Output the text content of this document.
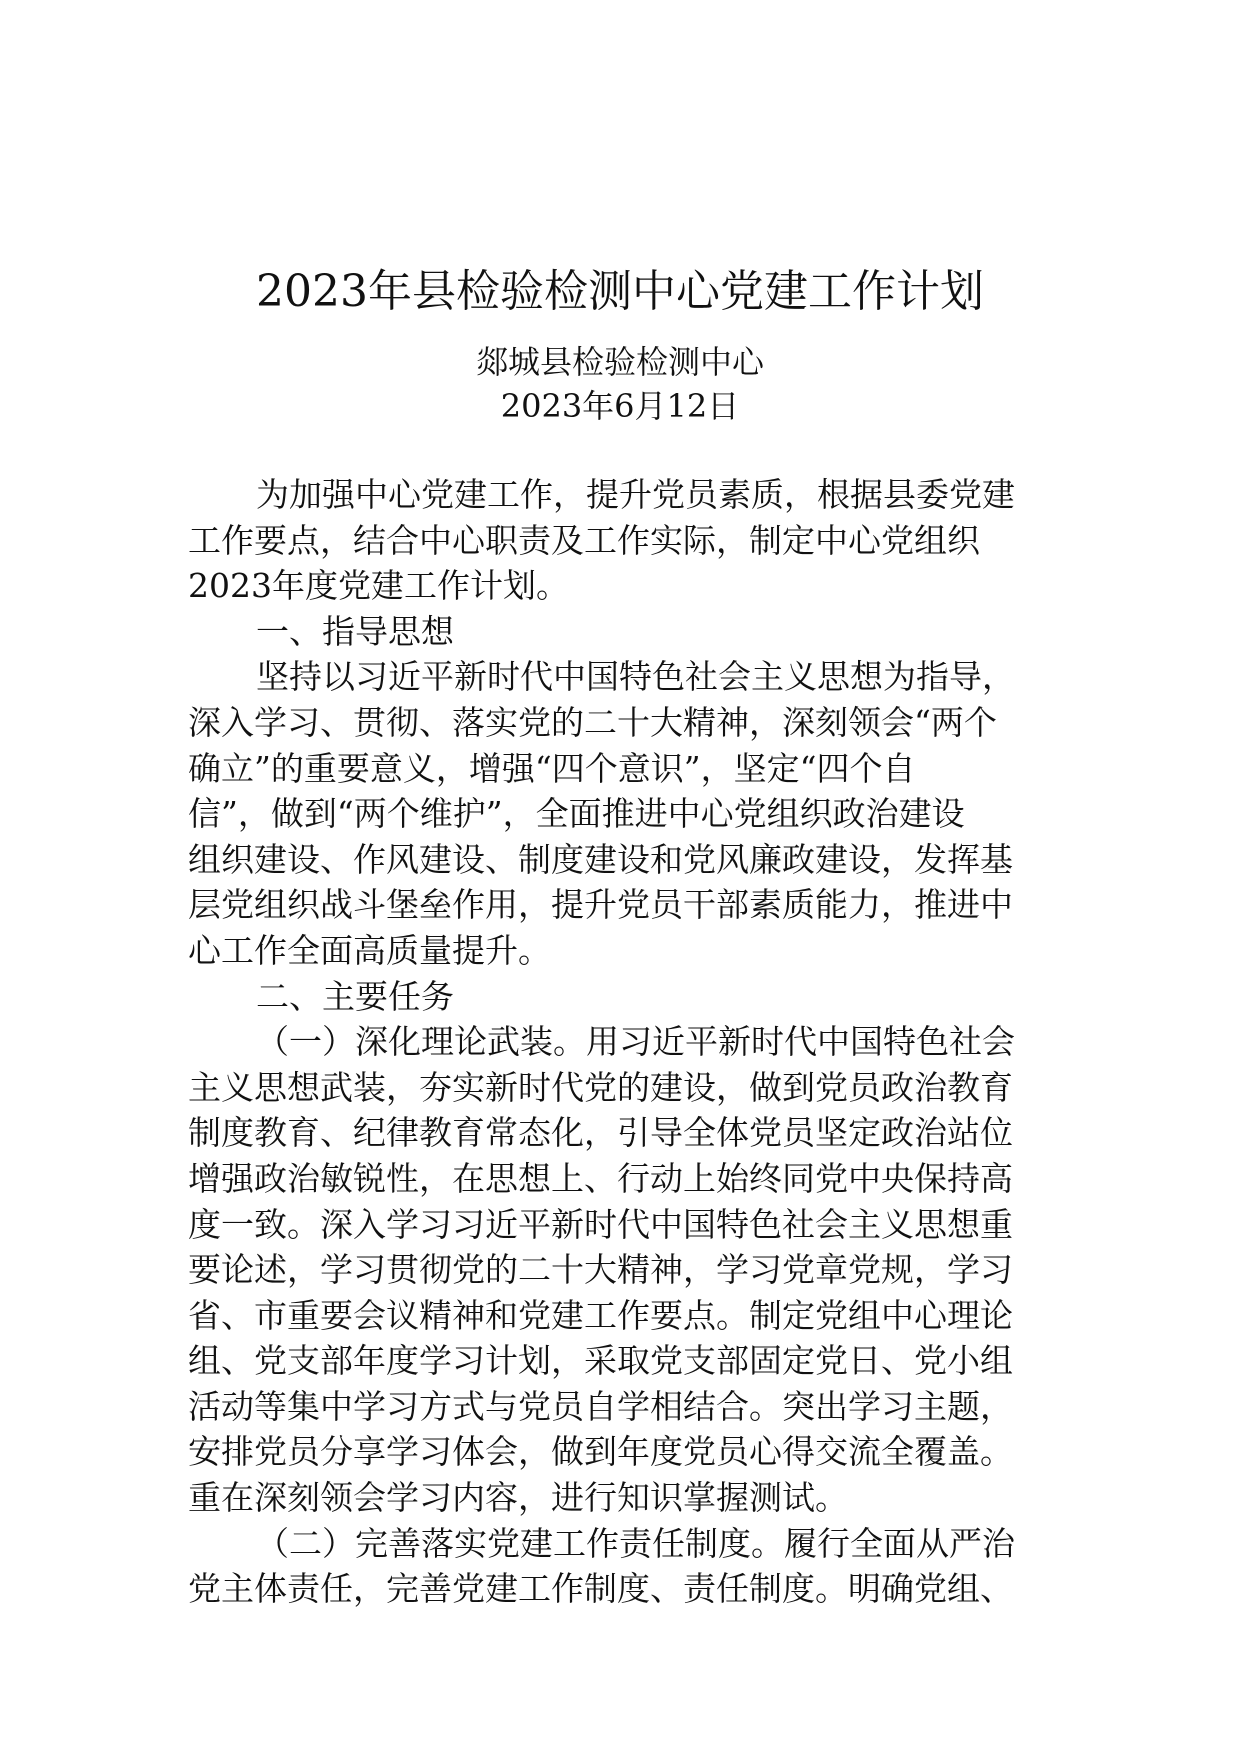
2023年县检验检测中心党建工作计划
郯城县检验检测中心
2023年6月12日
为加强中心党建工作，提升党员素质，根据县委党建
工作要点，结合中心职责及工作实际，制定中心党组织
2023年度党建工作计划。
一、指导思想
坚持以习近平新时代中国特色社会主义思想为指导，
深入学习、贯彻、落实党的二十大精神，深刻领会“两个
确立”的重要意义，增强“四个意识”，坚定“四个自
信”，做到“两个维护”，全面推进中心党组织政治建设
组织建设、作风建设、制度建设和党风廉政建设，发挥基
层党组织战斗堡垒作用，提升党员干部素质能力，推进中
心工作全面高质量提升。
二、主要任务
（一）深化理论武装。用习近平新时代中国特色社会
主义思想武装，夯实新时代党的建设，做到党员政治教育
制度教育、纪律教育常态化，引导全体党员坚定政治站位
增强政治敏锐性，在思想上、行动上始终同党中央保持高
度一致。深入学习习近平新时代中国特色社会主义思想重
要论述，学习贯彻党的二十大精神，学习党章党规，学习
省、市重要会议精神和党建工作要点。制定党组中心理论
组、党支部年度学习计划，采取党支部固定党日、党小组
活动等集中学习方式与党员自学相结合。突出学习主题，
安排党员分享学习体会，做到年度党员心得交流全覆盖。
重在深刻领会学习内容，进行知识掌握测试。
（二）完善落实党建工作责任制度。履行全面从严治
党主体责任，完善党建工作制度、责任制度。明确党组、
